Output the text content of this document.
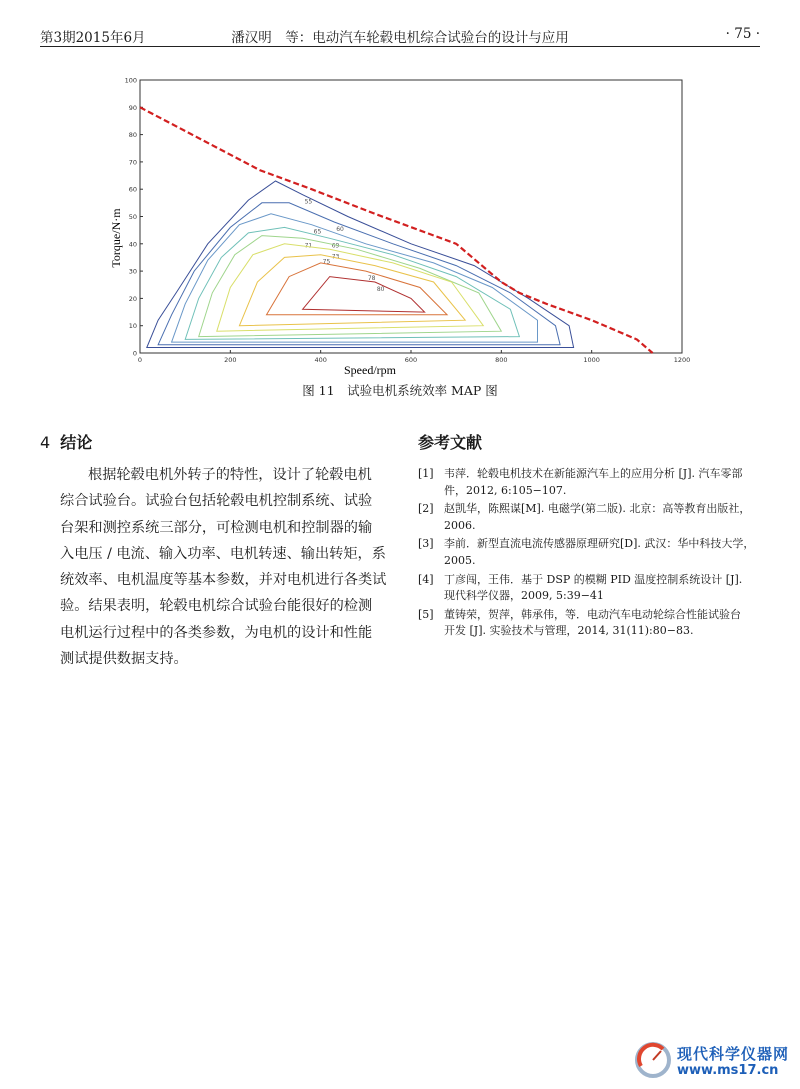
第3期2015年6月	潘汉明　等：电动汽车轮毂电机综合试验台的设计与应用	· 75 ·
55
60
65
69
71
73
75
78
80
0	200	400	600	800	1000	1200
0
10
20
30
40
50
60
70
80
90
100
Speed/rpm
Torque/N·m
图 11　试验电机系统效率 MAP 图
4 结论
根据轮毂电机外转子的特性，设计了轮毂电机
综合试验台。试验台包括轮毂电机控制系统、试验
台架和测控系统三部分，可检测电机和控制器的输
入电压 / 电流、输入功率、电机转速、输出转矩，系
统效率、电机温度等基本参数，并对电机进行各类试
验。结果表明，轮毂电机综合试验台能很好的检测
电机运行过程中的各类参数，为电机的设计和性能
测试提供数据支持。
参考文献
[1] 韦萍．轮毂电机技术在新能源汽车上的应用分析 [J]. 汽车零部
件，2012, 6:105−107.
[2] 赵凯华，陈熙谋[M]. 电磁学(第二版). 北京：高等教育出版社，
2006.
[3] 李前．新型直流电流传感器原理研究[D]. 武汉：华中科技大学，
2005.
[4] 丁彦闯，王伟．基于 DSP 的模糊 PID 温度控制系统设计 [J].
现代科学仪器，2009, 5:39−41
[5] 董铸荣，贺萍，韩承伟，等．电动汽车电动轮综合性能试验台
开发 [J]. 实验技术与管理，2014, 31(11):80−83.
现代科学仪器网
www.ms17.cn
